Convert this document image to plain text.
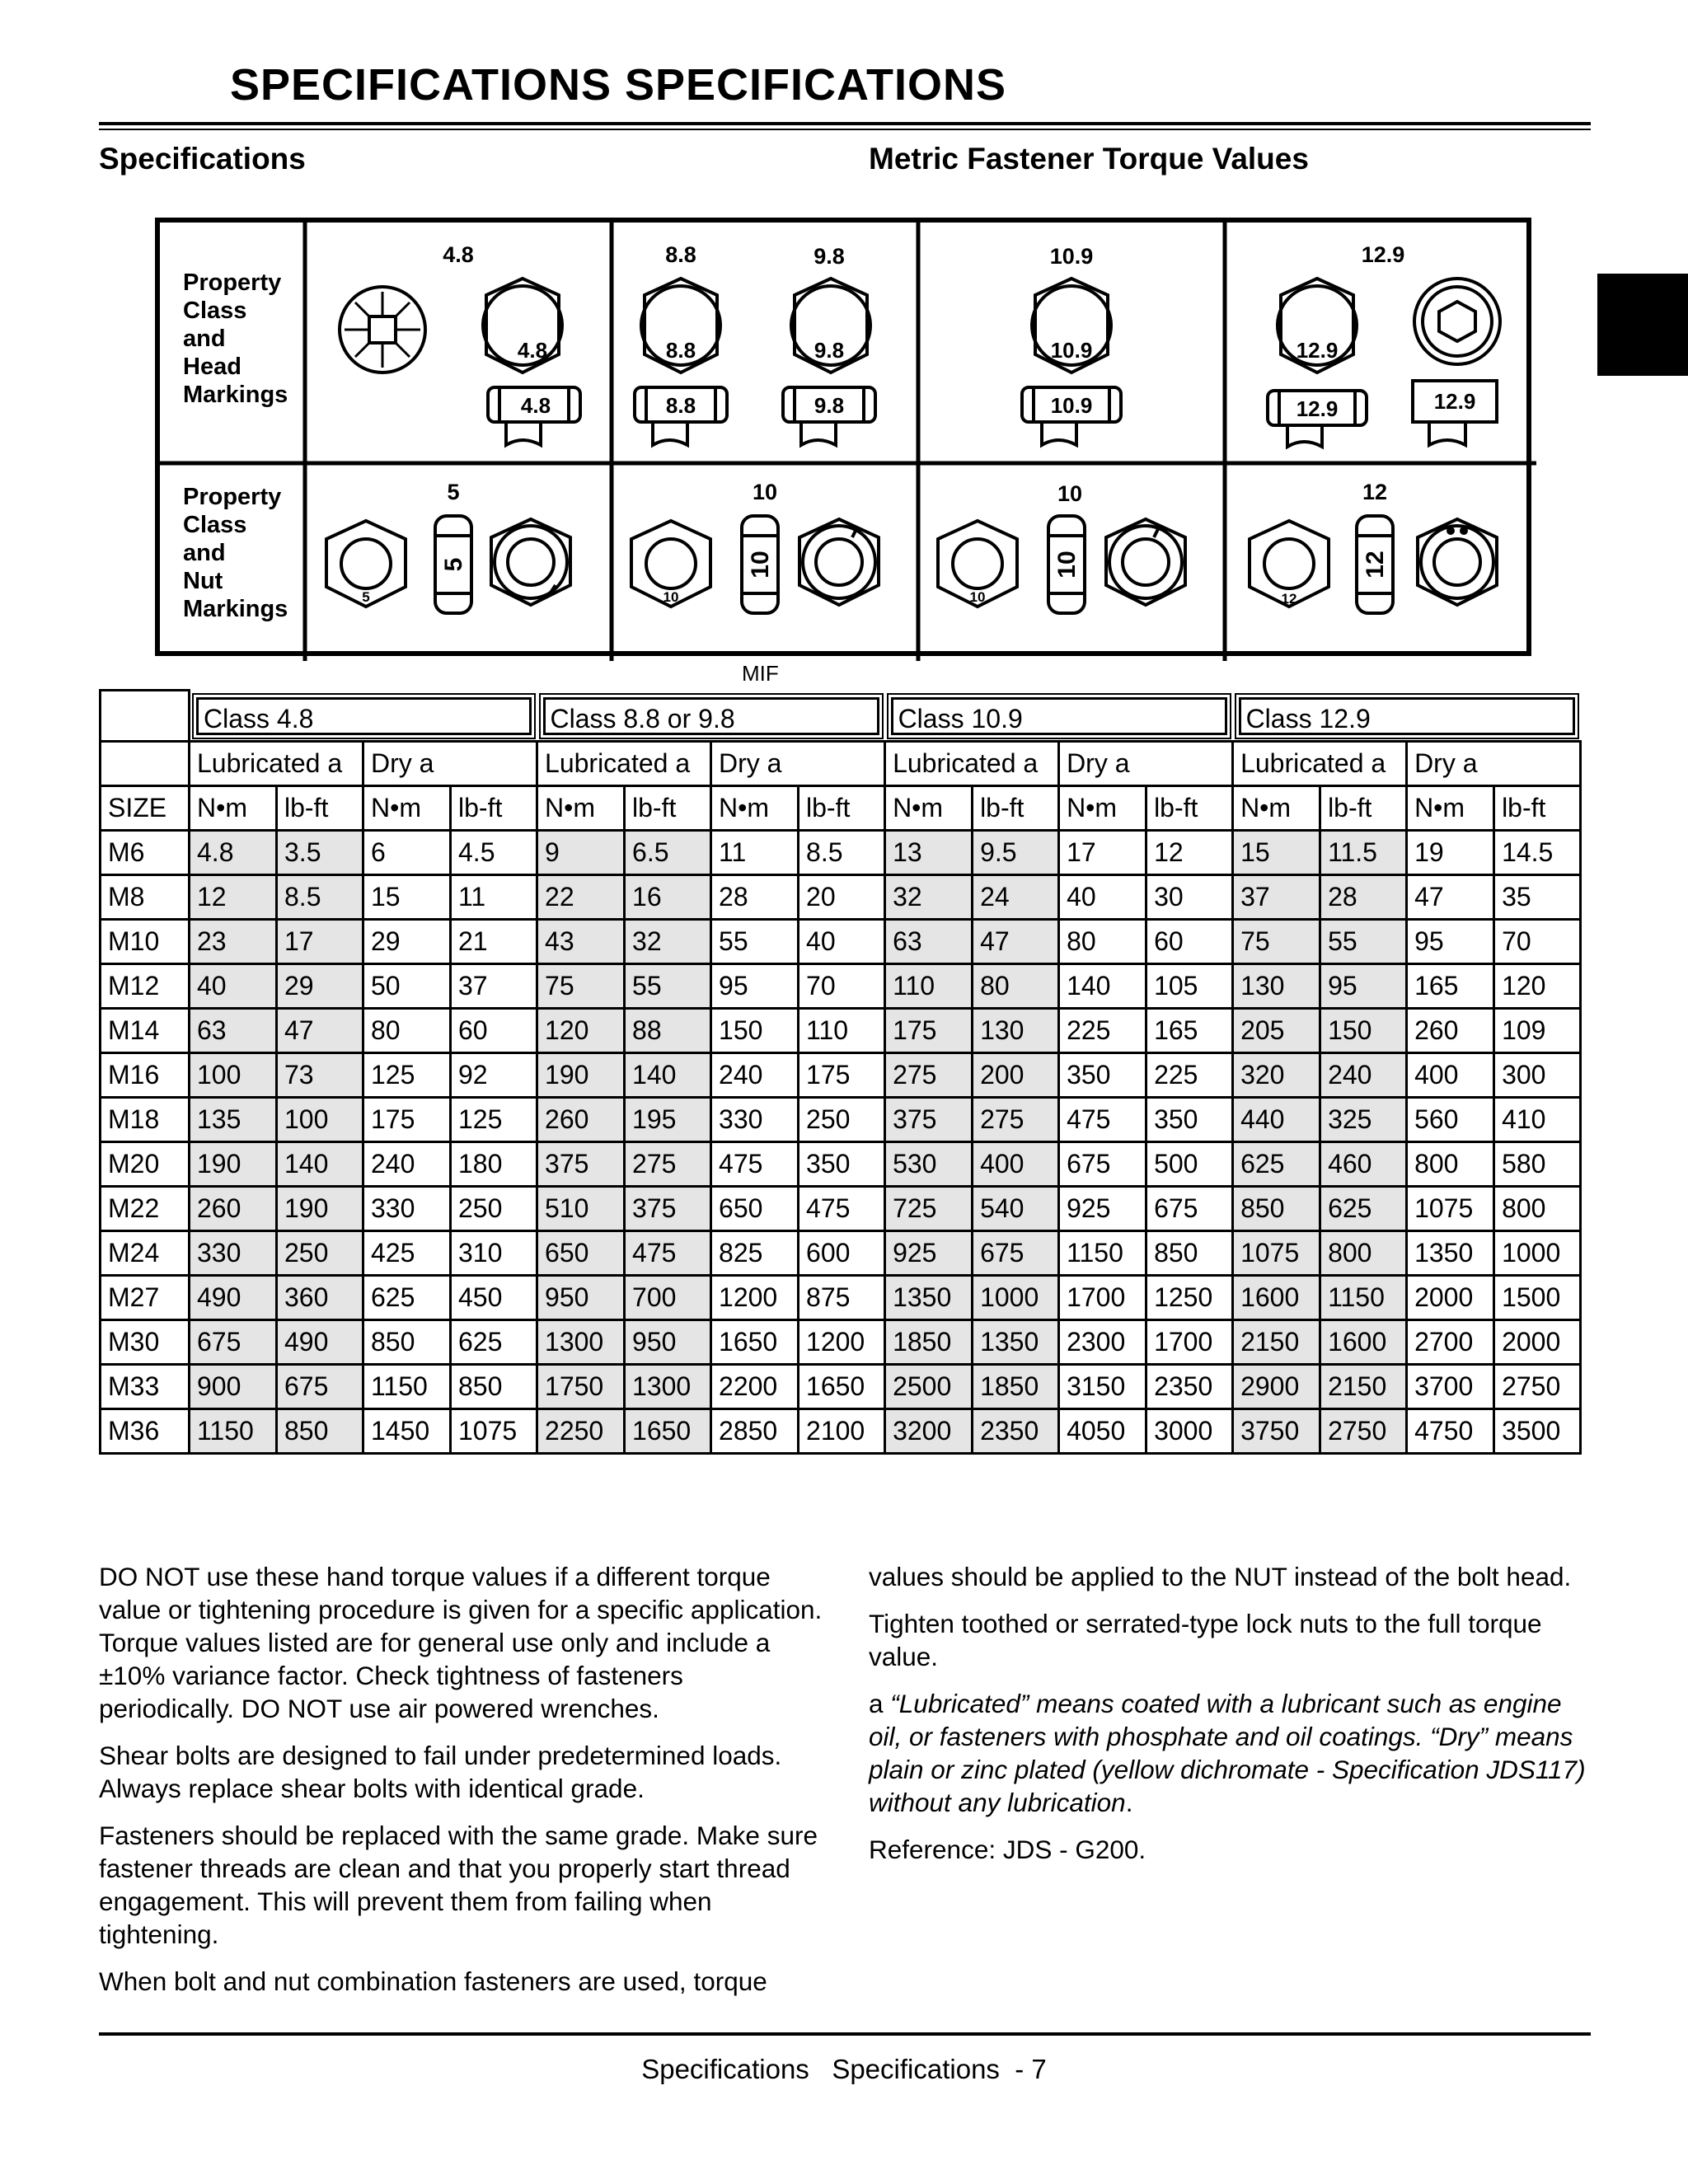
SPECIFICATIONS SPECIFICATIONS
Specifications	Metric Fastener Torque Values
Property Class and Head Markings
Property Class and Nut Markings
4.8	8.8	9.8	10.9	12.9
4.8	8.8	9.8	10.9	12.9
4.8	8.8	9.8	10.9	12.9	12.9
5	10	10	12
5	10	10	12
5	10	10	12
MIF

	Class 4.8				Class 8.8 or 9.8				Class 10.9				Class 12.9			

	Lubricated a		Dry a		Lubricated a		Dry a		Lubricated a		Dry a		Lubricated a		Dry a	
SIZE	N•m	lb-ft	N•m	lb-ft	N•m	lb-ft	N•m	lb-ft	N•m	lb-ft	N•m	lb-ft	N•m	lb-ft	N•m	lb-ft
M6	4.8	3.5	6	4.5	9	6.5	11	8.5	13	9.5	17	12	15	11.5	19	14.5
M8	12	8.5	15	11	22	16	28	20	32	24	40	30	37	28	47	35
M10	23	17	29	21	43	32	55	40	63	47	80	60	75	55	95	70
M12	40	29	50	37	75	55	95	70	110	80	140	105	130	95	165	120
M14	63	47	80	60	120	88	150	110	175	130	225	165	205	150	260	109
M16	100	73	125	92	190	140	240	175	275	200	350	225	320	240	400	300
M18	135	100	175	125	260	195	330	250	375	275	475	350	440	325	560	410
M20	190	140	240	180	375	275	475	350	530	400	675	500	625	460	800	580
M22	260	190	330	250	510	375	650	475	725	540	925	675	850	625	1075	800
M24	330	250	425	310	650	475	825	600	925	675	1150	850	1075	800	1350	1000
M27	490	360	625	450	950	700	1200	875	1350	1000	1700	1250	1600	1150	2000	1500
M30	675	490	850	625	1300	950	1650	1200	1850	1350	2300	1700	2150	1600	2700	2000
M33	900	675	1150	850	1750	1300	2200	1650	2500	1850	3150	2350	2900	2150	3700	2750
M36	1150	850	1450	1075	2250	1650	2850	2100	3200	2350	4050	3000	3750	2750	4750	3500

DO NOT use these hand torque values if a different torque value or tightening procedure is given for a specific application. Torque values listed are for general use only and include a ±10% variance factor. Check tightness of fasteners periodically. DO NOT use air powered wrenches.

Shear bolts are designed to fail under predetermined loads. Always replace shear bolts with identical grade.

Fasteners should be replaced with the same grade. Make sure fastener threads are clean and that you properly start thread engagement. This will prevent them from failing when tightening.

When bolt and nut combination fasteners are used, torque

values should be applied to the NUT instead of the bolt head.

Tighten toothed or serrated-type lock nuts to the full torque value.

a “Lubricated” means coated with a lubricant such as engine oil, or fasteners with phosphate and oil coatings. “Dry” means plain or zinc plated (yellow dichromate - Specification JDS117) without any lubrication.

Reference: JDS - G200.

Specifications   Specifications  - 7
